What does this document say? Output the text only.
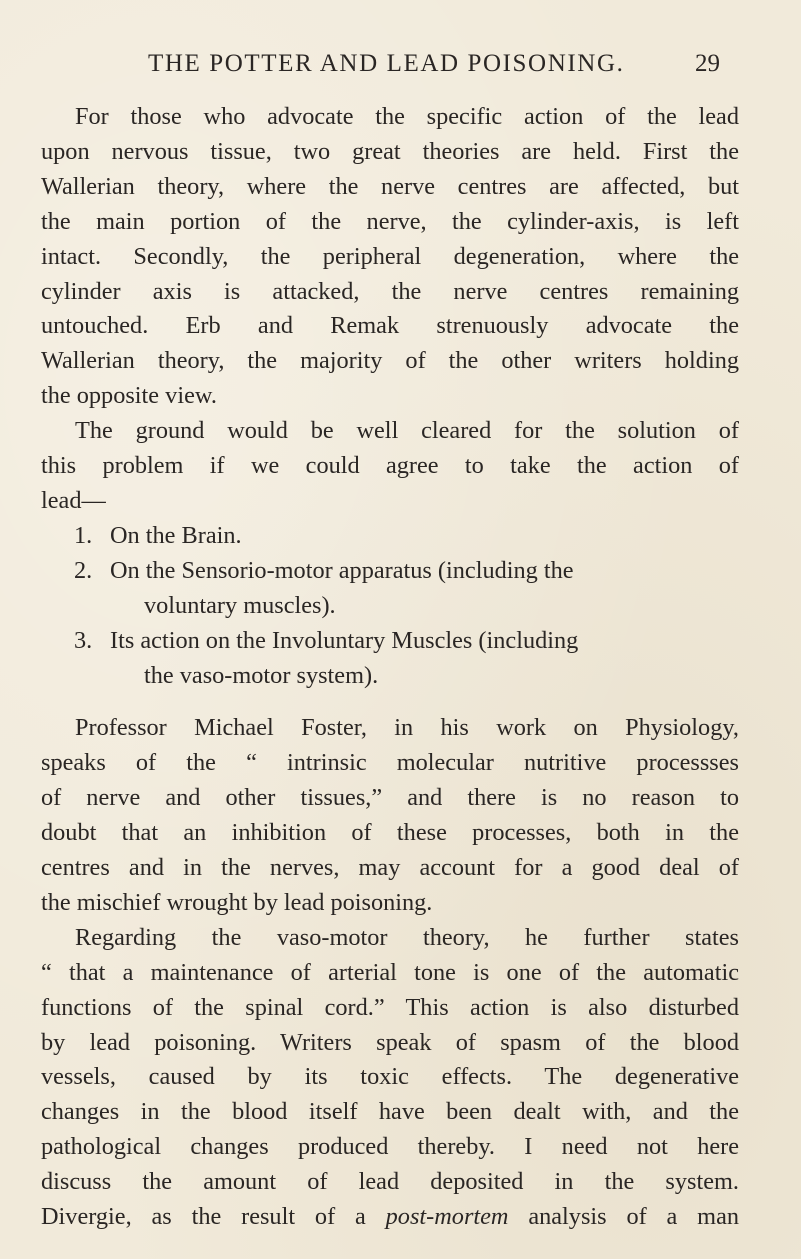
THE POTTER AND LEAD POISONING.	29
For those who advocate the specific action of the lead
upon nervous tissue, two great theories are held. First the
Wallerian theory, where the nerve centres are affected, but
the main portion of the nerve, the cylinder-axis, is left
intact. Secondly, the peripheral degeneration, where the
cylinder axis is attacked, the nerve centres remaining
untouched. Erb and Remak strenuously advocate the
Wallerian theory, the majority of the other writers holding
the opposite view.
The ground would be well cleared for the solution of
this problem if we could agree to take the action of
lead—
1. On the Brain.
2. On the Sensorio-motor apparatus (including the
voluntary muscles).
3. Its action on the Involuntary Muscles (including
the vaso-motor system).
Professor Michael Foster, in his work on Physiology,
speaks of the “ intrinsic molecular nutritive processses
of nerve and other tissues,” and there is no reason to
doubt that an inhibition of these processes, both in the
centres and in the nerves, may account for a good deal of
the mischief wrought by lead poisoning.
Regarding the vaso-motor theory, he further states
“ that a maintenance of arterial tone is one of the automatic
functions of the spinal cord.” This action is also disturbed
by lead poisoning. Writers speak of spasm of the blood
vessels, caused by its toxic effects. The degenerative
changes in the blood itself have been dealt with, and the
pathological changes produced thereby. I need not here
discuss the amount of lead deposited in the system.
Divergie, as the result of a post-mortem analysis of a man
